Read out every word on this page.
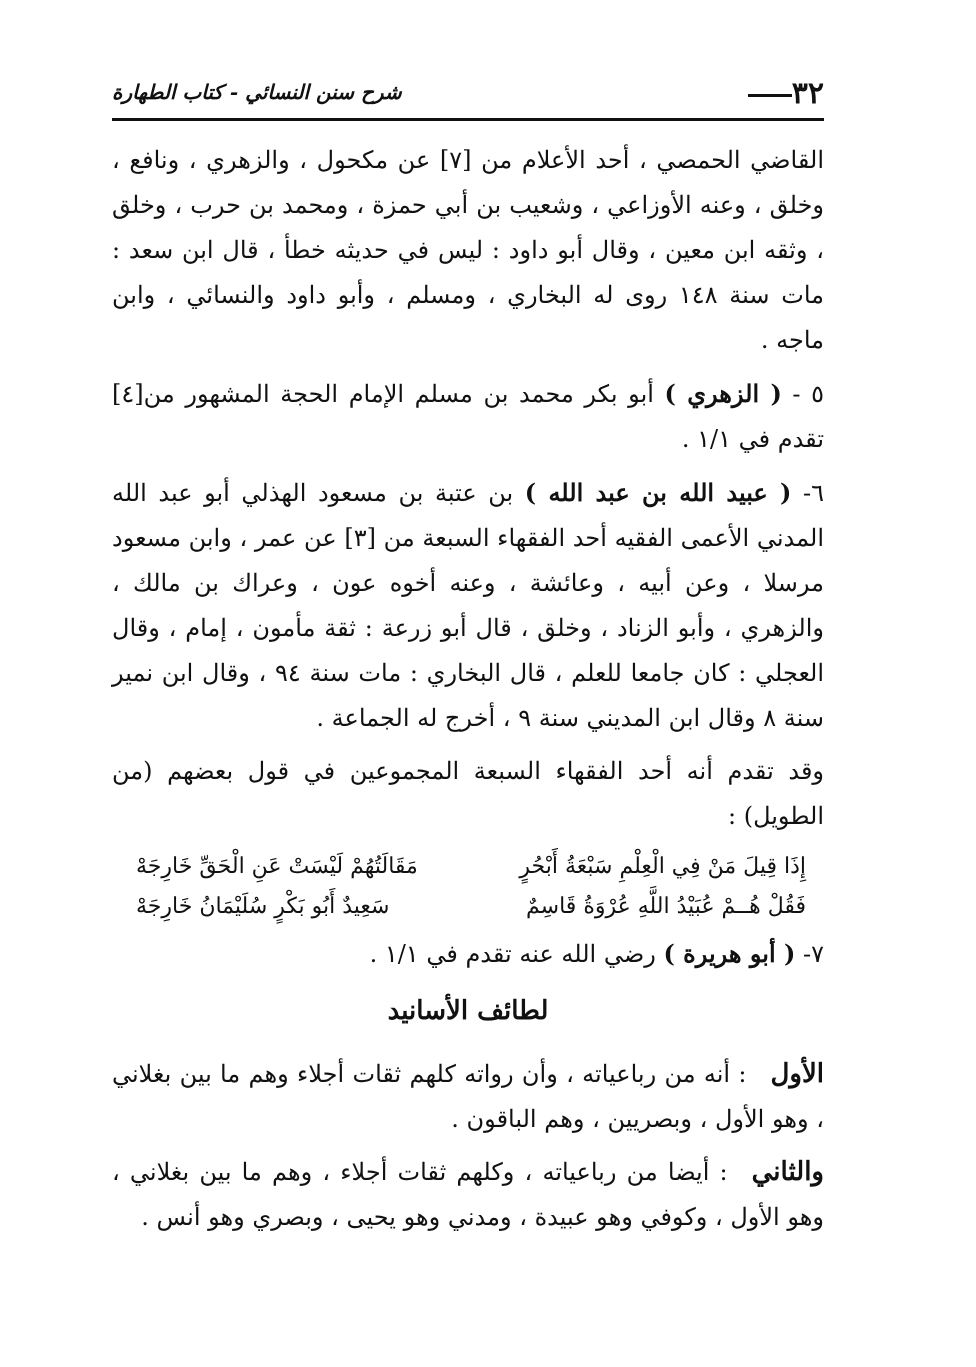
٣٢
شرح سنن النسائي - كتاب الطهارة

القاضي الحمصي ، أحد الأعلام من [٧] عن مكحول ، والزهري ، ونافع ، وخلق ، وعنه الأوزاعي ، وشعيب بن أبي حمزة ، ومحمد بن حرب ، وخلق ، وثقه ابن معين ، وقال أبو داود : ليس في حديثه خطأ ، قال ابن سعد : مات سنة ١٤٨ روى له البخاري ، ومسلم ، وأبو داود والنسائي ، وابن ماجه .

٥ - ( الزهري ) أبو بكر محمد بن مسلم الإمام الحجة المشهور من[٤] تقدم في ١/١ .

٦- ( عبيد الله بن عبد الله ) بن عتبة بن مسعود الهذلي أبو عبد الله المدني الأعمى الفقيه أحد الفقهاء السبعة من [٣] عن عمر ، وابن مسعود مرسلا ، وعن أبيه ، وعائشة ، وعنه أخوه عون ، وعراك بن مالك ، والزهري ، وأبو الزناد ، وخلق ، قال أبو زرعة : ثقة مأمون ، إمام ، وقال العجلي : كان جامعا للعلم ، قال البخاري : مات سنة ٩٤ ، وقال ابن نمير سنة ٨ وقال ابن المديني سنة ٩ ، أخرج له الجماعة .

وقد تقدم أنه أحد الفقهاء السبعة المجموعين في قول بعضهم (من الطويل) :

إِذَا قِيلَ مَنْ فِي الْعِلْمِ سَبْعَةُ أَبْحُرٍ
مَقَالَتُهُمْ لَيْسَتْ عَنِ الْحَقِّ خَارِجَهْ
فَقُلْ هُــمْ عُبَيْدُ اللَّهِ عُرْوَةُ قَاسِمٌ
سَعِيدٌ أَبُو بَكْرٍ سُلَيْمَانُ خَارِجَهْ

٧- ( أبو هريرة ) رضي الله عنه تقدم في ١/١ .

لطائف الأسانيد

الأول: أنه من رباعياته ، وأن رواته كلهم ثقات أجلاء وهم ما بين بغلاني ، وهو الأول ، وبصريين ، وهم الباقون .

والثاني: أيضا من رباعياته ، وكلهم ثقات أجلاء ، وهم ما بين بغلاني ، وهو الأول ، وكوفي وهو عبيدة ، ومدني وهو يحيى ، وبصري وهو أنس .
